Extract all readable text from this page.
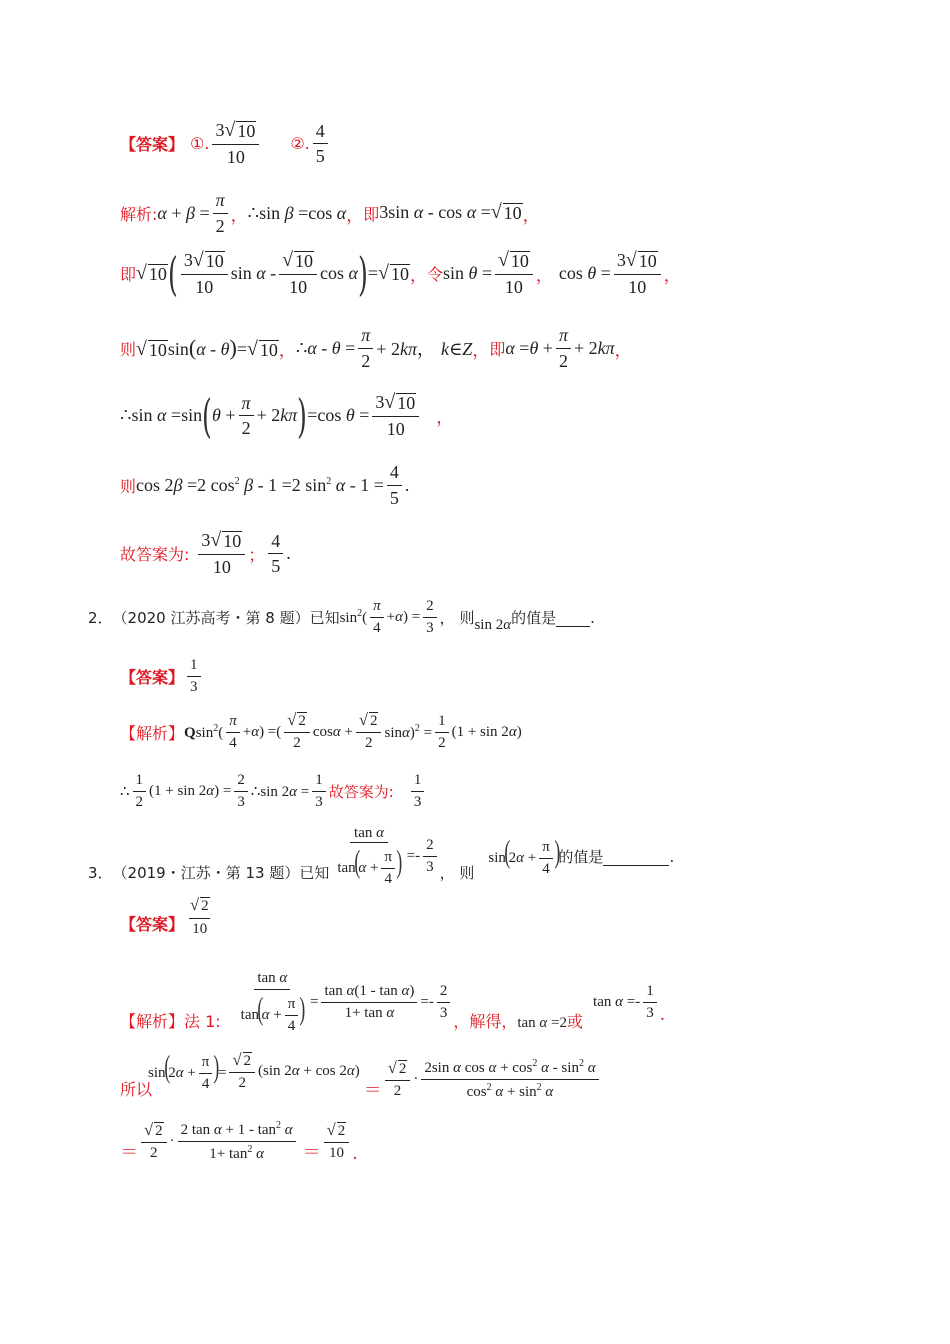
【答案】 ①. $\frac{3 √ 10}{10}$ ②. $\frac{4}{5}$
解析: $\alpha + \beta = \frac{\pi}{2}$ ， ∴sin β =cos α ， 即 3sin α - cos α = √ 10 ，
即 √ 10 ( $\frac{3 √ 10}{10}$ sin α - $\frac{√ 10}{10}$ cos α ) = √ 10 ， 令 $\sin \theta = \frac{√ 10}{10}$ ， $\cos \theta = \frac{3 √ 10}{10}$ ，
则 √ 10 sin(α - θ)= √ 10 ， ∴α - $\theta = \frac{\pi}{2} + 2k\pi$， k∈Z ， 即 $\alpha =\theta + \frac{\pi}{2} + 2k\pi$ ，
∴ sin α =sin ( $\theta + \frac{\pi}{2} + 2k\pi$ ) =cos $\theta = \frac{3 √ 10}{10}$ ，
则 cos 2β =2 $\cos^2 \beta - 1 =2$ $\sin^2 \alpha - 1 = \frac{4}{5}$ .
故答案为: $\frac{3 √ 10}{10}$ ； $\frac{4}{5}$ .
2． （2020 江苏高考・第 8 题）已知 $\sin^2( \frac{\pi}{4} +\alpha) = \frac{2}{3}$ ， 则 sin 2α 的值是 .
【答案】 $\frac{1}{3}$
【解析】 $Qsin^2( \frac{\pi}{4} +\alpha)$ =( $\frac{√ 2}{2}$ $\cos\alpha + \frac{√ 2}{2} \sin\alpha)^2 = \frac{1}{2} (1 + \sin 2\alpha)$
∴ $\frac{1}{2} (1 + \sin 2\alpha) = \frac{2}{3}$ ∴sin $2\alpha = \frac{1}{3}$ 故答案为: $\frac{1}{3}$
3． （2019・江苏・第 13 题）已知 $\frac{\text{tan α}}{\tan(\alpha + \frac{\pi}{4} )} =- \frac{2}{3}$ ， 则
$\sin(2\alpha + \frac{\pi}{4}$ )
的值是	.
【答案】 $\frac{√ 2}{10}$
【解析】法 1: $\frac{\text{tan α}}{\tan(\alpha + \frac{\pi}{4} )} = \frac{\text{tan α(1 - tan α)}}{\text{1+ tan α}} =- \frac{2}{3}$ ，解得， tan α =2 或
$\tan \alpha =- \frac{1}{3}$ .
所以
$\sin(2\alpha + \frac{\pi}{4}$ )= $\frac{√ 2}{2} (\sin$ 2α + cos 2α)
＝ $\frac{√ 2}{2} \cdot \frac{2\sin \alpha \cos \alpha + \cos^2 \alpha - \sin^2 \alpha}{\cos^2 \alpha + \sin^2 \alpha}$
＝ $\frac{√ 2}{2} \cdot \frac{2 \tan \alpha + 1 - \tan^2 \alpha}{1+ \tan^2 \alpha} = \frac{√ 2}{10}$ .
